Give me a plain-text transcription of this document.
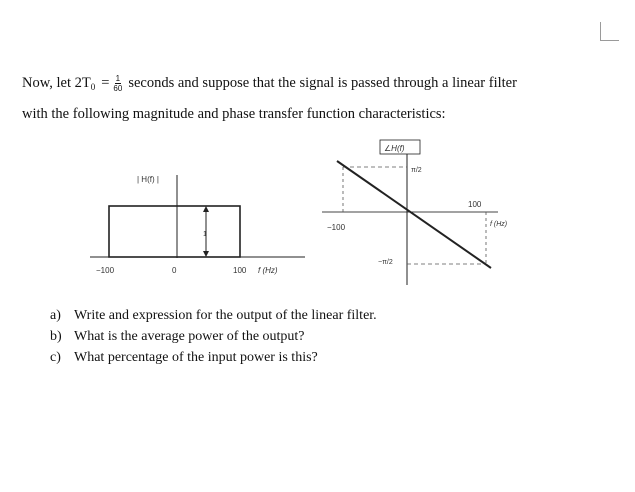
Now, let 2T $0 = \frac{1}{60}$ seconds and suppose that the signal is passed through a linear filter
with the following magnitude and phase transfer function characteristics:
| H(f) |
1
−100	0	100 f (Hz)
∠H(f)
π/2
−π/2
−100
100
f (Hz)
a) Write and expression for the output of the linear filter.
b) What is the average power of the output?
c) What percentage of the input power is this?
